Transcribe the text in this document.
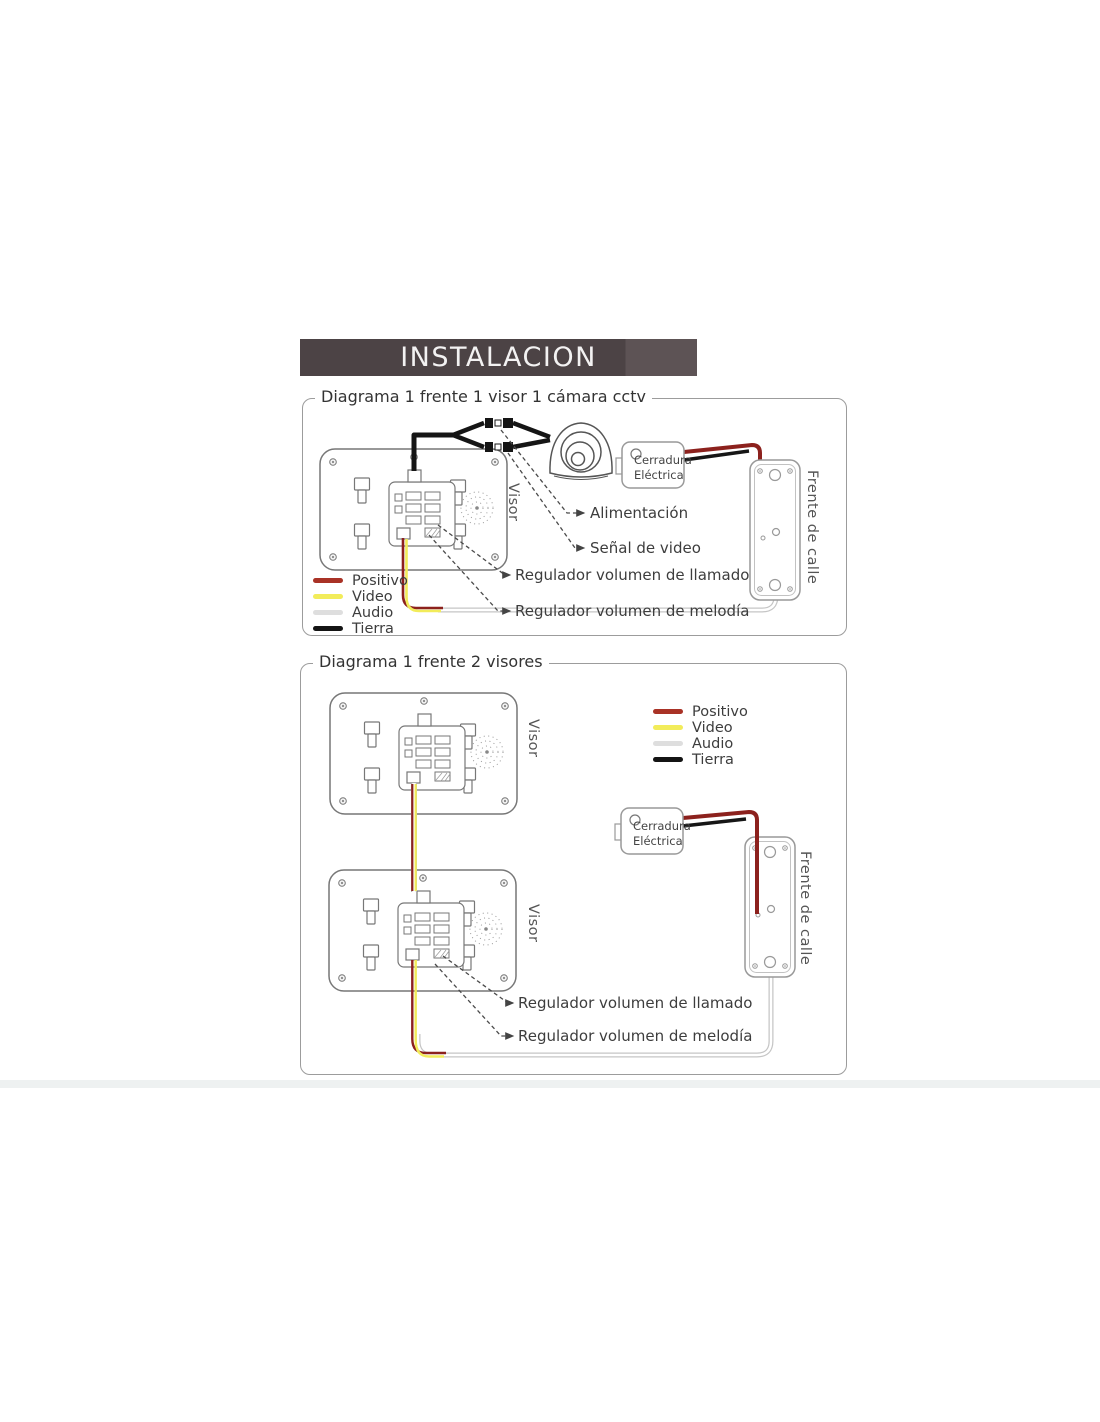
INSTALACION
Diagrama 1 frente 1 visor 1 cámara cctv
Visor	Alimentación
Señal de video
Regulador volumen de llamado
Regulador volumen de melodía
Cerradura
Eléctrica	Frente de calle
Positivo
Video
Audio
Tierra
Diagrama 1 frente 2 visores
Visor
Visor
Regulador volumen de llamado
Regulador volumen de melodía
Cerradura
Eléctrica
Frente de calle
Positivo
Video
Audio
Tierra
